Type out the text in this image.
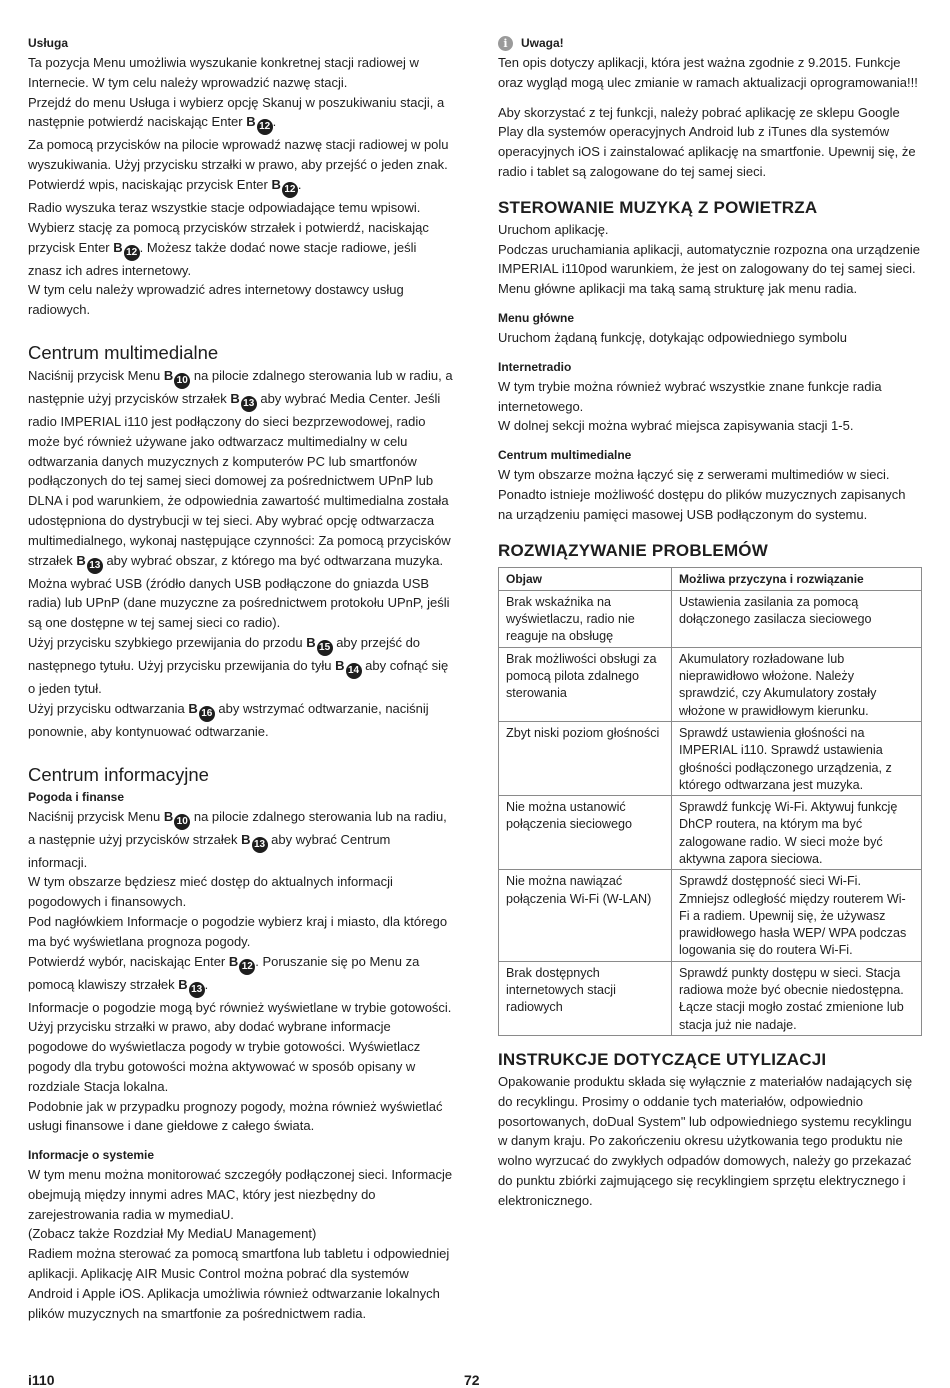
Usługa

Ta pozycja Menu umożliwia wyszukanie konkretnej stacji radiowej w Internecie. W tym celu należy wprowadzić nazwę stacji.

Przejdź do menu Usługa i wybierz opcję Skanuj w poszukiwaniu stacji, a następnie potwierdź naciskając Enter B 12 .

Za pomocą przycisków na pilocie wprowadź nazwę stacji radiowej w polu wyszukiwania. Użyj przycisku strzałki w prawo, aby przejść o jeden znak. Potwierdź wpis, naciskając przycisk Enter B 12 .

Radio wyszuka teraz wszystkie stacje odpowiadające temu wpisowi. Wybierz stację za pomocą przycisków strzałek i potwierdź, naciskając przycisk Enter B 12 . Możesz także dodać nowe stacje radiowe, jeśli znasz ich adres internetowy.

W tym celu należy wprowadzić adres internetowy dostawcy usług radiowych.

Centrum multimedialne

Naciśnij przycisk Menu B 10 na pilocie zdalnego sterowania lub w radiu, a następnie użyj przycisków strzałek B 13 aby wybrać Media Center. Jeśli radio IMPERIAL i110 jest podłączony do sieci bezprzewodowej, radio może być również używane jako odtwarzacz multimedialny w celu odtwarzania danych muzycznych z komputerów PC lub smartfonów podłączonych do tej samej sieci domowej za pośrednictwem UPnP lub DLNA i pod warunkiem, że odpowiednia zawartość multimedialna została udostępniona do dystrybucji w tej sieci. Aby wybrać opcję odtwarzacza multimedialnego, wykonaj następujące czynności: Za pomocą przycisków strzałek B 13 aby wybrać obszar, z którego ma być odtwarzana muzyka.

Można wybrać USB (źródło danych USB podłączone do gniazda USB radia) lub UPnP (dane muzyczne za pośrednictwem protokołu UPnP, jeśli są one dostępne w tej samej sieci co radio).

Użyj przycisku szybkiego przewijania do przodu B 15 aby przejść do następnego tytułu. Użyj przycisku przewijania do tyłu B 14 aby cofnąć się o jeden tytuł.

Użyj przycisku odtwarzania B 16 aby wstrzymać odtwarzanie, naciśnij ponownie, aby kontynuować odtwarzanie.

Centrum informacyjne

Pogoda i finanse

Naciśnij przycisk Menu B 10 na pilocie zdalnego sterowania lub na radiu, a następnie użyj przycisków strzałek B 13 aby wybrać Centrum informacji.

W tym obszarze będziesz mieć dostęp do aktualnych informacji pogodowych i finansowych.

Pod nagłówkiem Informacje o pogodzie wybierz kraj i miasto, dla którego ma być wyświetlana prognoza pogody.

Potwierdź wybór, naciskając Enter B 12 . Poruszanie się po Menu za pomocą klawiszy strzałek B 13 .

Informacje o pogodzie mogą być również wyświetlane w trybie gotowości.

Użyj przycisku strzałki w prawo, aby dodać wybrane informacje pogodowe do wyświetlacza pogody w trybie gotowości. Wyświetlacz pogody dla trybu gotowości można aktywować w sposób opisany w rozdziale Stacja lokalna.

Podobnie jak w przypadku prognozy pogody, można również wyświetlać usługi finansowe i dane giełdowe z całego świata.

Informacje o systemie

W tym menu można monitorować szczegóły podłączonej sieci. Informacje obejmują między innymi adres MAC, który jest niezbędny do zarejestrowania radia w mymediaU.

(Zobacz także Rozdział My MediaU Management)

Radiem można sterować za pomocą smartfona lub tabletu i odpowiedniej aplikacji. Aplikację AIR Music Control można pobrać dla systemów Android i Apple iOS. Aplikacja umożliwia również odtwarzanie lokalnych plików muzycznych na smartfonie za pośrednictwem radia.

i	Uwaga!

Ten opis dotyczy aplikacji, która jest ważna zgodnie z 9.2015. Funkcje oraz wygląd mogą ulec zmianie w ramach aktualizacji oprogramowania!!!

Aby skorzystać z tej funkcji, należy pobrać aplikację ze sklepu Google Play dla systemów operacyjnych Android lub z iTunes dla systemów operacyjnych iOS i zainstalować aplikację na smartfonie. Upewnij się, że radio i tablet są zalogowane do tej samej sieci.

STEROWANIE MUZYKĄ Z POWIETRZA

Uruchom aplikację.

Podczas uruchamiania aplikacji, automatycznie rozpozna ona urządzenie IMPERIAL i110pod warunkiem, że jest on zalogowany do tej samej sieci.

Menu główne aplikacji ma taką samą strukturę jak menu radia.

Menu główne

Uruchom żądaną funkcję, dotykając odpowiedniego symbolu

Internetradio

W tym trybie można również wybrać wszystkie znane funkcje radia internetowego.

W dolnej sekcji można wybrać miejsca zapisywania stacji 1-5.

Centrum multimedialne

W tym obszarze można łączyć się z serwerami multimediów w sieci. Ponadto istnieje możliwość dostępu do plików muzycznych zapisanych na urządzeniu pamięci masowej USB podłączonym do systemu.

ROZWIĄZYWANIE PROBLEMÓW
Objaw	Możliwa przyczyna i rozwiązanie
Brak wskaźnika na wyświetlaczu, radio nie reaguje na obsługę	Ustawienia zasilania za pomocą dołączonego zasilacza sieciowego
Brak możliwości obsługi za pomocą pilota zdalnego sterowania	Akumulatory rozładowane lub nieprawidłowo włożone. Należy sprawdzić, czy Akumulatory zostały włożone w prawidłowym kierunku.
Zbyt niski poziom głośności	Sprawdź ustawienia głośności na IMPERIAL i110. Sprawdź ustawienia głośności podłączonego urządzenia, z którego odtwarzana jest muzyka.
Nie można ustanowić połączenia sieciowego	Sprawdź funkcję Wi-Fi. Aktywuj funkcję DhCP routera, na którym ma być zalogowane radio. W sieci może być aktywna zapora sieciowa.
Nie można nawiązać połączenia Wi-Fi (W-LAN)	Sprawdź dostępność sieci Wi-Fi. Zmniejsz odległość między routerem Wi-Fi a radiem. Upewnij się, że używasz prawidłowego hasła WEP/ WPA podczas logowania się do routera Wi-Fi.
Brak dostępnych internetowych stacji radiowych	Sprawdź punkty dostępu w sieci. Stacja radiowa może być obecnie niedostępna. Łącze stacji mogło zostać zmienione lub stacja już nie nadaje.
INSTRUKCJE DOTYCZĄCE UTYLIZACJI

Opakowanie produktu składa się wyłącznie z materiałów nadających się do recyklingu. Prosimy o oddanie tych materiałów, odpowiednio posortowanych, doDual System" lub odpowiedniego systemu recyklingu w danym kraju. Po zakończeniu okresu użytkowania tego produktu nie wolno wyrzucać do zwykłych odpadów domowych, należy go przekazać do punktu zbiórki zajmującego się recyklingiem sprzętu elektrycznego i elektronicznego.

i110	72
